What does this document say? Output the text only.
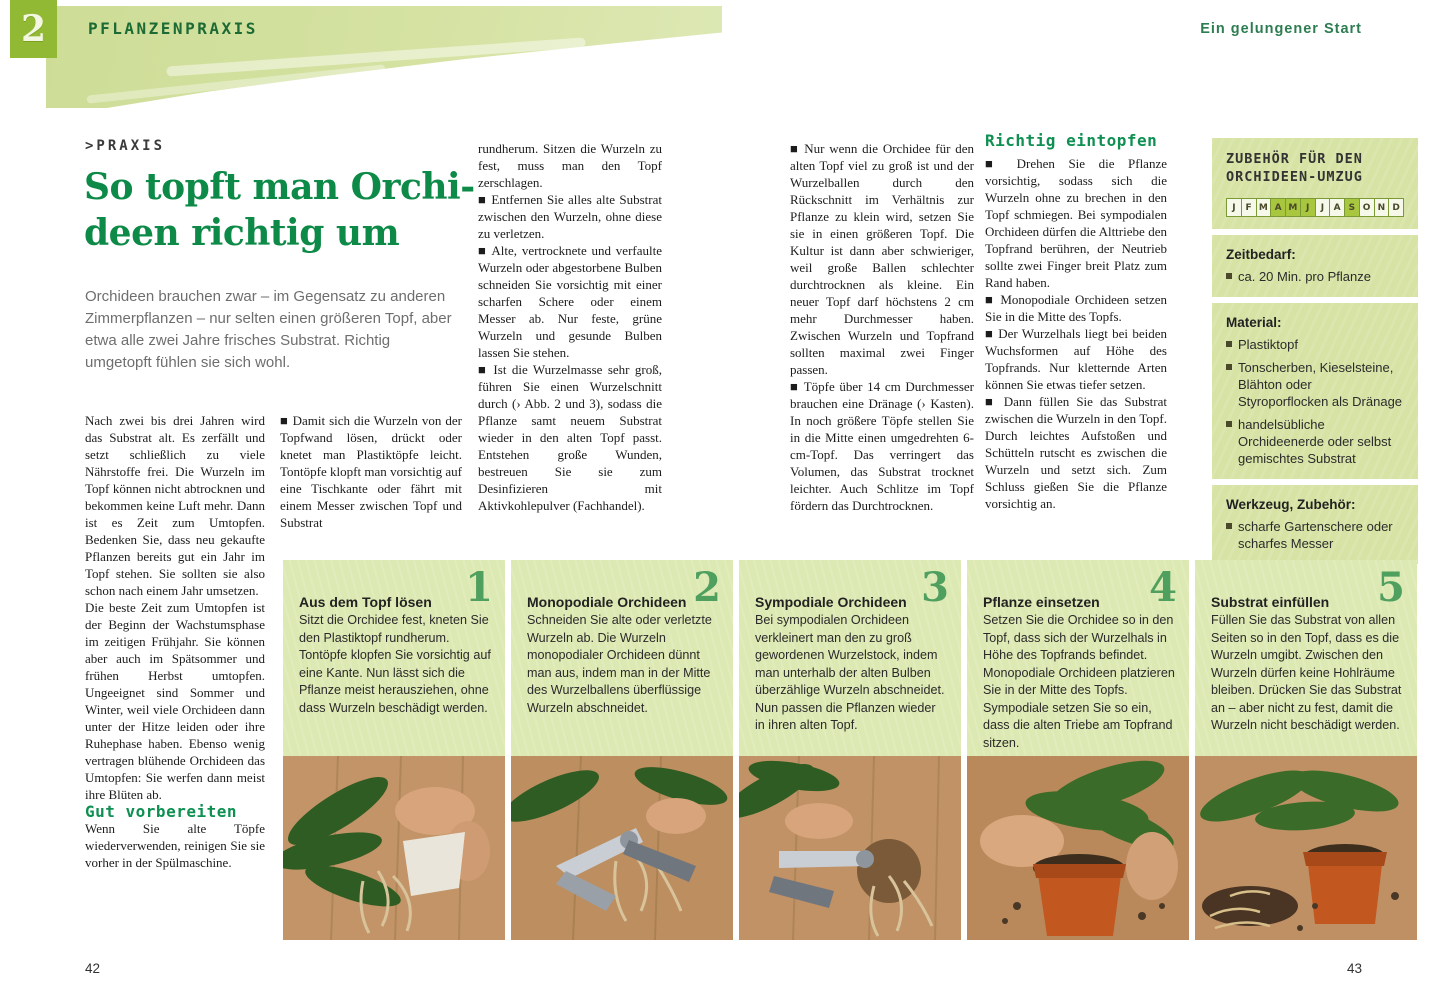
2	PFLANZENPRAXIS	Ein gelungener Start
>PRAXIS
So topft man Orchi-
deen richtig um
Orchideen brauchen zwar – im Gegensatz zu anderen Zimmerpflanzen – nur selten einen größeren Topf, aber etwa alle zwei Jahre frisches Substrat. Richtig umgetopft fühlen sie sich wohl.

Nach zwei bis drei Jahren wird das Substrat alt. Es zerfällt und setzt schließlich zu viele Nährstoffe frei. Die Wurzeln im Topf können nicht abtrocknen und bekommen keine Luft mehr. Dann ist es Zeit zum Umtopfen. Bedenken Sie, dass neu gekaufte Pflanzen bereits gut ein Jahr im Topf stehen. Sie sollten sie also schon nach einem Jahr umsetzen.

Die beste Zeit zum Umtopfen ist der Beginn der Wachstumsphase im zeitigen Frühjahr. Sie können aber auch im Spätsommer und frühen Herbst umtopfen. Ungeeignet sind Sommer und Winter, weil viele Orchideen dann unter der Hitze leiden oder ihre Ruhephase haben. Ebenso wenig vertragen blühende Orchideen das Umtopfen: Sie werfen dann meist ihre Blüten ab.

Gut vorbereiten

Wenn Sie alte Töpfe wiederverwenden, reinigen Sie sie vorher in der Spülmaschine.

■ Damit sich die Wurzeln von der Topfwand lösen, drückt oder knetet man Plastiktöpfe leicht. Tontöpfe klopft man vorsichtig auf eine Tischkante oder fährt mit einem Messer zwischen Topf und Substrat

rundherum. Sitzen die Wurzeln zu fest, muss man den Topf zerschlagen.

■ Entfernen Sie alles alte Substrat zwischen den Wurzeln, ohne diese zu verletzen.

■ Alte, vertrocknete und verfaulte Wurzeln oder abgestorbene Bulben schneiden Sie vorsichtig mit einer scharfen Schere oder einem Messer ab. Nur feste, grüne Wurzeln und gesunde Bulben lassen Sie stehen.

■ Ist die Wurzelmasse sehr groß, führen Sie einen Wurzelschnitt durch (› Abb. 2 und 3), sodass die Pflanze samt neuem Substrat wieder in den alten Topf passt. Entstehen große Wunden, bestreuen Sie sie zum Desinfizieren mit Aktivkohlepulver (Fachhandel).

■ Nur wenn die Orchidee für den alten Topf viel zu groß ist und der Wurzelballen durch den Rückschnitt im Verhältnis zur Pflanze zu klein wird, setzen Sie sie in einen größeren Topf. Die Kultur ist dann aber schwieriger, weil große Ballen schlechter durchtrocknen als kleine. Ein neuer Topf darf höchstens 2 cm mehr Durchmesser haben. Zwischen Wurzeln und Topfrand sollten maximal zwei Finger passen.

■ Töpfe über 14 cm Durchmesser brauchen eine Dränage (› Kasten). In noch größere Töpfe stellen Sie in die Mitte einen umgedrehten 6-cm-Topf. Das verringert das Volumen, das Substrat trocknet leichter. Auch Schlitze im Topf fördern das Durchtrocknen.

Richtig eintopfen

■ Drehen Sie die Pflanze vorsichtig, sodass sich die Wurzeln ohne zu brechen in den Topf schmiegen. Bei sympodialen Orchideen dürfen die Alttriebe den Topfrand berühren, der Neutrieb sollte zwei Finger breit Platz zum Rand haben.

■ Monopodiale Orchideen setzen Sie in die Mitte des Topfs.

■ Der Wurzelhals liegt bei beiden Wuchsformen auf Höhe des Topfrands. Nur kletternde Arten können Sie etwas tiefer setzen.

■ Dann füllen Sie das Substrat zwischen die Wurzeln in den Topf. Durch leichtes Aufstoßen und Schütteln rutscht es zwischen die Wurzeln und setzt sich. Zum Schluss gießen Sie die Pflanze vorsichtig an.

ZUBEHÖR FÜR DEN
ORCHIDEEN-UMZUG
J	F M A M J	J	A S O N D
Zeitbedarf:
ca. 20 Min. pro Pflanze
Material:
Plastiktopf
Tonscherben, Kieselsteine, Blähton oder Styroporflocken als Dränage
handelsübliche Orchideenerde oder selbst gemischtes Substrat
Werkzeug, Zubehör:
scharfe Gartenschere oder scharfes Messer
1
Aus dem Topf lösen
Sitzt die Orchidee fest, kneten Sie den Plastiktopf rundherum. Tontöpfe klopfen Sie vorsichtig auf eine Kante. Nun lässt sich die Pflanze meist herausziehen, ohne dass Wurzeln beschädigt werden.
2
Monopodiale Orchideen
Schneiden Sie alte oder verletzte Wurzeln ab. Die Wurzeln monopodialer Orchideen dünnt man aus, indem man in der Mitte des Wurzelballens überflüssige Wurzeln abschneidet.
3
Sympodiale Orchideen
Bei sympodialen Orchideen verkleinert man den zu groß gewordenen Wurzelstock, indem man unterhalb der alten Bulben überzählige Wurzeln abschneidet. Nun passen die Pflanzen wieder in ihren alten Topf.
4
Pflanze einsetzen
Setzen Sie die Orchidee so in den Topf, dass sich der Wurzelhals in Höhe des Topfrands befindet. Monopodiale Orchideen platzieren Sie in der Mitte des Topfs. Sympodiale setzen Sie so ein, dass die alten Triebe am Topfrand sitzen.
5
Substrat einfüllen
Füllen Sie das Substrat von allen Seiten so in den Topf, dass es die Wurzeln umgibt. Zwischen den Wurzeln dürfen keine Hohlräume bleiben. Drücken Sie das Substrat an – aber nicht zu fest, damit die Wurzeln nicht beschädigt werden.
42	43
